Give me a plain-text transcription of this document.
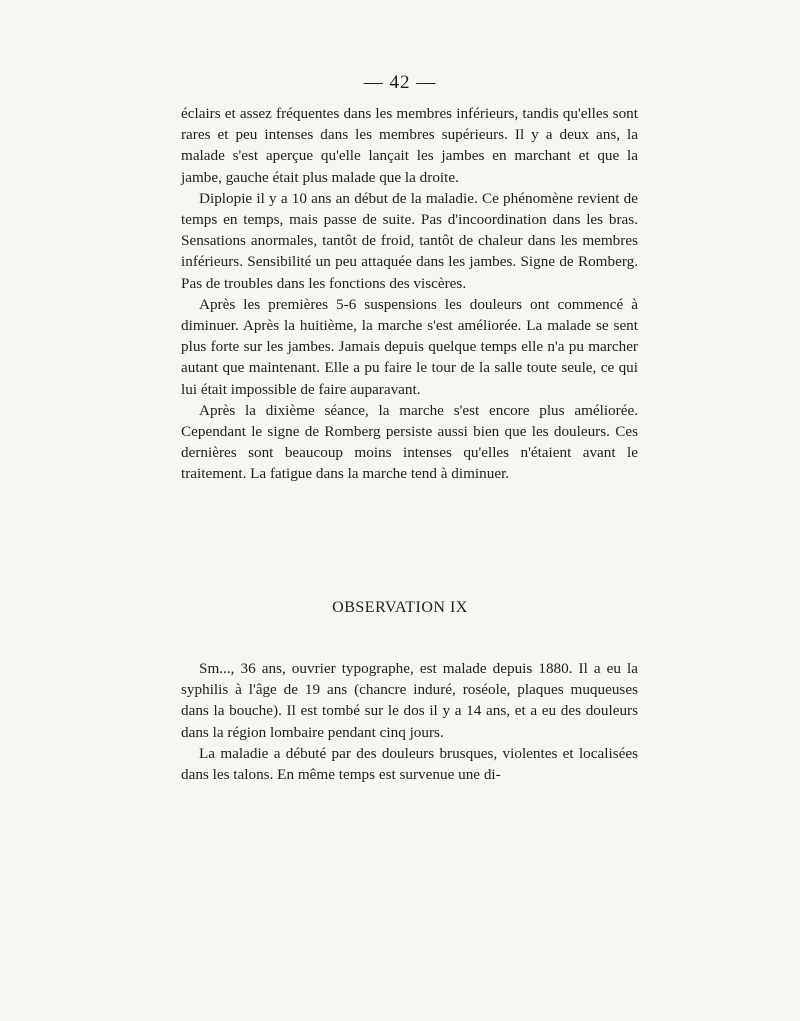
— 42 —

éclairs et assez fréquentes dans les membres inférieurs, tandis qu'elles sont rares et peu intenses dans les membres supérieurs. Il y a deux ans, la malade s'est aperçue qu'elle lançait les jambes en marchant et que la jambe, gauche était plus malade que la droite.

Diplopie il y a 10 ans an début de la maladie. Ce phénomène revient de temps en temps, mais passe de suite. Pas d'incoordination dans les bras. Sensations anormales, tantôt de froid, tantôt de chaleur dans les membres inférieurs. Sensibilité un peu attaquée dans les jambes. Signe de Romberg. Pas de troubles dans les fonctions des viscères.

Après les premières 5-6 suspensions les douleurs ont commencé à diminuer. Après la huitième, la marche s'est améliorée. La malade se sent plus forte sur les jambes. Jamais depuis quelque temps elle n'a pu marcher autant que maintenant. Elle a pu faire le tour de la salle toute seule, ce qui lui était impossible de faire auparavant.

Après la dixième séance, la marche s'est encore plus améliorée. Cependant le signe de Romberg persiste aussi bien que les douleurs. Ces dernières sont beaucoup moins intenses qu'elles n'étaient avant le traitement. La fatigue dans la marche tend à diminuer.

OBSERVATION IX

Sm..., 36 ans, ouvrier typographe, est malade depuis 1880. Il a eu la syphilis à l'âge de 19 ans (chancre induré, roséole, plaques muqueuses dans la bouche). Il est tombé sur le dos il y a 14 ans, et a eu des douleurs dans la région lombaire pendant cinq jours.

La maladie a débuté par des douleurs brusques, violentes et localisées dans les talons. En même temps est survenue une di-
